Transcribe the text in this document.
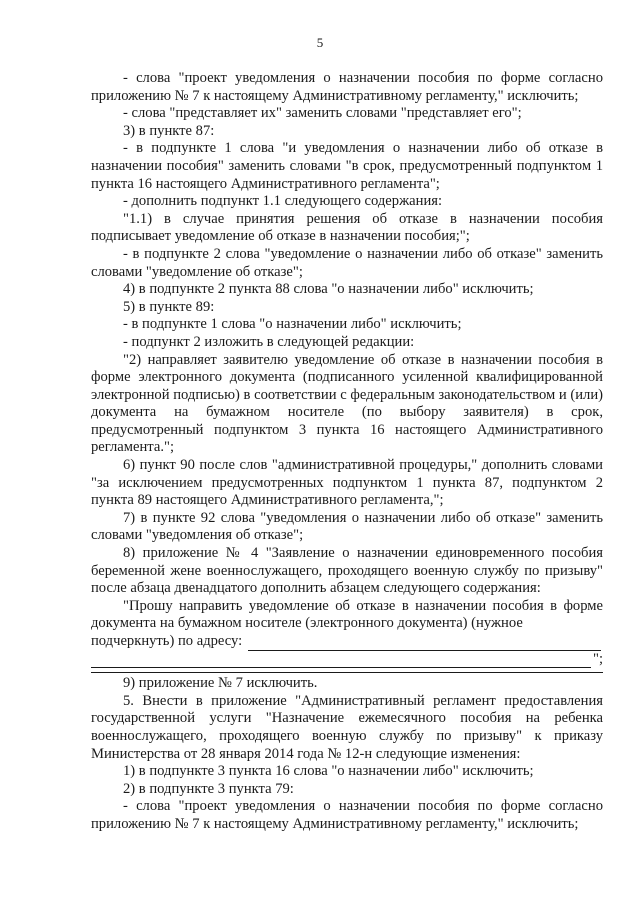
5

- слова "проект уведомления о назначении пособия по форме согласно

приложению № 7 к настоящему Административному регламенту," исключить;

- слова "представляет их" заменить словами "представляет его";

3) в пункте 87:

- в подпункте 1 слова "и уведомления о назначении либо об отказе в назначении пособия" заменить словами "в срок, предусмотренный подпунктом 1 пункта 16 настоящего Административного регламента";

- дополнить подпункт 1.1 следующего содержания:

"1.1) в случае принятия решения об отказе в назначении пособия подписывает уведомление об отказе в назначении пособия;";

- в подпункте 2 слова "уведомление о назначении либо об отказе" заменить словами "уведомление об отказе";

4) в подпункте 2 пункта 88 слова "о назначении либо" исключить;

5) в пункте 89:

- в подпункте 1 слова "о назначении либо" исключить;

- подпункт 2 изложить в следующей редакции:

"2) направляет заявителю уведомление об отказе в назначении пособия в форме электронного документа (подписанного усиленной квалифицированной электронной подписью) в соответствии с федеральным законодательством и (или) документа на бумажном носителе (по выбору заявителя) в срок, предусмотренный подпунктом 3 пункта 16 настоящего Административного регламента.";

6) пункт 90 после слов "административной процедуры," дополнить словами "за исключением предусмотренных подпунктом 1 пункта 87, подпунктом 2 пункта 89 настоящего Административного регламента,";

7) в пункте 92 слова "уведомления о назначении либо об отказе" заменить словами "уведомления об отказе";

8) приложение № 4 "Заявление о назначении единовременного пособия беременной жене военнослужащего, проходящего военную службу по призыву" после абзаца двенадцатого дополнить абзацем следующего содержания:

"Прошу направить уведомление об отказе в назначении пособия в форме документа на бумажном носителе (электронного документа) (нужное

подчеркнуть) по адресу:

";

9) приложение № 7 исключить.

5. Внести в приложение "Административный регламент предоставления государственной услуги "Назначение ежемесячного пособия на ребенка военнослужащего, проходящего военную службу по призыву" к приказу Министерства от 28 января 2014 года № 12-н следующие изменения:

1) в подпункте 3 пункта 16 слова "о назначении либо" исключить;

2) в подпункте 3 пункта 79:

- слова "проект уведомления о назначении пособия по форме согласно

приложению № 7 к настоящему Административному регламенту," исключить;
